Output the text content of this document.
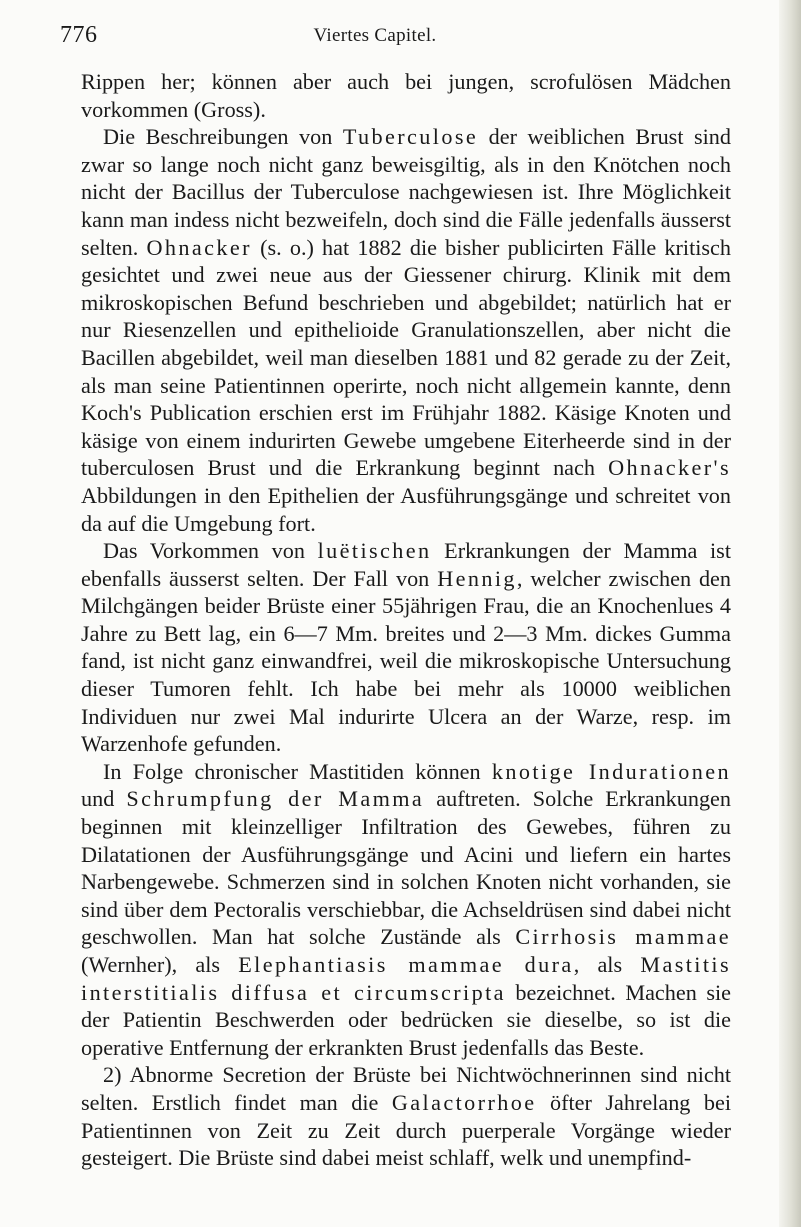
776	Viertes Capitel.

Rippen her; können aber auch bei jungen, scrofulösen Mädchen vorkommen (Gross).

Die Beschreibungen von Tuberculose der weiblichen Brust sind zwar so lange noch nicht ganz beweisgiltig, als in den Knötchen noch nicht der Bacillus der Tuberculose nachgewiesen ist. Ihre Möglichkeit kann man indess nicht bezweifeln, doch sind die Fälle jedenfalls äusserst selten. Ohnacker (s. o.) hat 1882 die bisher publicirten Fälle kritisch gesichtet und zwei neue aus der Giessener chirurg. Klinik mit dem mikroskopischen Befund beschrieben und abgebildet; natürlich hat er nur Riesenzellen und epithelioide Granulationszellen, aber nicht die Bacillen abgebildet, weil man dieselben 1881 und 82 gerade zu der Zeit, als man seine Patientinnen operirte, noch nicht allgemein kannte, denn Koch's Publication erschien erst im Frühjahr 1882. Käsige Knoten und käsige von einem indurirten Gewebe umgebene Eiterheerde sind in der tuberculosen Brust und die Erkrankung beginnt nach Ohnacker's Abbildungen in den Epithelien der Ausführungsgänge und schreitet von da auf die Umgebung fort.

Das Vorkommen von luëtischen Erkrankungen der Mamma ist ebenfalls äusserst selten. Der Fall von Hennig, welcher zwischen den Milchgängen beider Brüste einer 55jährigen Frau, die an Knochenlues 4 Jahre zu Bett lag, ein 6—7 Mm. breites und 2—3 Mm. dickes Gumma fand, ist nicht ganz einwandfrei, weil die mikroskopische Untersuchung dieser Tumoren fehlt. Ich habe bei mehr als 10000 weiblichen Individuen nur zwei Mal indurirte Ulcera an der Warze, resp. im Warzenhofe gefunden.

In Folge chronischer Mastitiden können knotige Indurationen und Schrumpfung der Mamma auftreten. Solche Erkrankungen beginnen mit kleinzelliger Infiltration des Gewebes, führen zu Dilatationen der Ausführungsgänge und Acini und liefern ein hartes Narbengewebe. Schmerzen sind in solchen Knoten nicht vorhanden, sie sind über dem Pectoralis verschiebbar, die Achseldrüsen sind dabei nicht geschwollen. Man hat solche Zustände als Cirrhosis mammae (Wernher), als Elephantiasis mammae dura, als Mastitis interstitialis diffusa et circumscripta bezeichnet. Machen sie der Patientin Beschwerden oder bedrücken sie dieselbe, so ist die operative Entfernung der erkrankten Brust jedenfalls das Beste.

2) Abnorme Secretion der Brüste bei Nichtwöchnerinnen sind nicht selten. Erstlich findet man die Galactorrhoe öfter Jahrelang bei Patientinnen von Zeit zu Zeit durch puerperale Vorgänge wieder gesteigert. Die Brüste sind dabei meist schlaff, welk und unempfind-
